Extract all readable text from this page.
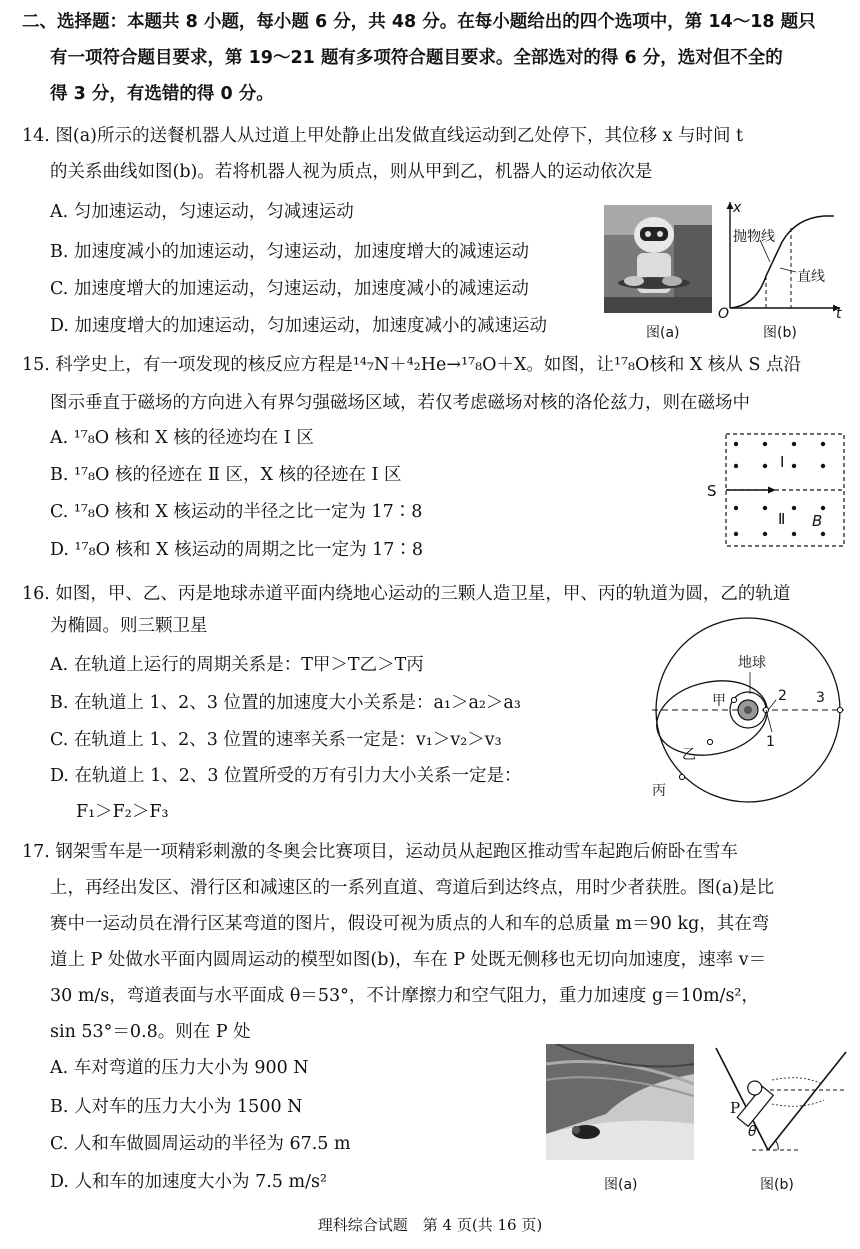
二、选择题：本题共 8 小题，每小题 6 分，共 48 分。在每小题给出的四个选项中，第 14～18 题只
有一项符合题目要求，第 19～21 题有多项符合题目要求。全部选对的得 6 分，选对但不全的
得 3 分，有选错的得 0 分。
14. 图(a)所示的送餐机器人从过道上甲处静止出发做直线运动到乙处停下，其位移 x 与时间 t
的关系曲线如图(b)。若将机器人视为质点，则从甲到乙，机器人的运动依次是
A. 匀加速运动，匀速运动，匀减速运动
B. 加速度减小的加速运动，匀速运动，加速度增大的减速运动
C. 加速度增大的加速运动，匀速运动，加速度减小的减速运动
D. 加速度增大的加速运动，匀加速运动，加速度减小的减速运动	图(a)
x
t
O
抛物线
直线
图(b)
15. 科学史上，有一项发现的核反应方程是¹⁴₇N＋⁴₂He→¹⁷₈O＋X。如图，让¹⁷₈O核和 X 核从 S 点沿
图示垂直于磁场的方向进入有界匀强磁场区域，若仅考虑磁场对核的洛伦兹力，则在磁场中
A. ¹⁷₈O 核和 X 核的径迹均在 Ⅰ 区
B. ¹⁷₈O 核的径迹在 Ⅱ 区，X 核的径迹在 Ⅰ 区
C. ¹⁷₈O 核和 X 核运动的半径之比一定为 17∶8
D. ¹⁷₈O 核和 X 核运动的周期之比一定为 17∶8
S
Ⅰ
Ⅱ B
16. 如图，甲、乙、丙是地球赤道平面内绕地心运动的三颗人造卫星，甲、丙的轨道为圆，乙的轨道
为椭圆。则三颗卫星
A. 在轨道上运行的周期关系是：T甲＞T乙＞T丙
B. 在轨道上 1、2、3 位置的加速度大小关系是：a₁＞a₂＞a₃
C. 在轨道上 1、2、3 位置的速率关系一定是：v₁＞v₂＞v₃
D. 在轨道上 1、2、3 位置所受的万有引力大小关系一定是：
F₁＞F₂＞F₃
地球
甲
乙
丙
1
2 3
17. 钢架雪车是一项精彩刺激的冬奥会比赛项目，运动员从起跑区推动雪车起跑后俯卧在雪车
上，再经出发区、滑行区和减速区的一系列直道、弯道后到达终点，用时少者获胜。图(a)是比
赛中一运动员在滑行区某弯道的图片，假设可视为质点的人和车的总质量 m＝90 kg，其在弯
道上 P 处做水平面内圆周运动的模型如图(b)，车在 P 处既无侧移也无切向加速度，速率 v＝
30 m/s，弯道表面与水平面成 θ＝53°，不计摩擦力和空气阻力，重力加速度 g＝10m/s²，
sin 53°＝0.8。则在 P 处
A. 车对弯道的压力大小为 900 N
B. 人对车的压力大小为 1500 N
C. 人和车做圆周运动的半径为 67.5 m
D. 人和车的加速度大小为 7.5 m/s²	图(a)
P
θ
图(b)
理科综合试题　第 4 页(共 16 页)
